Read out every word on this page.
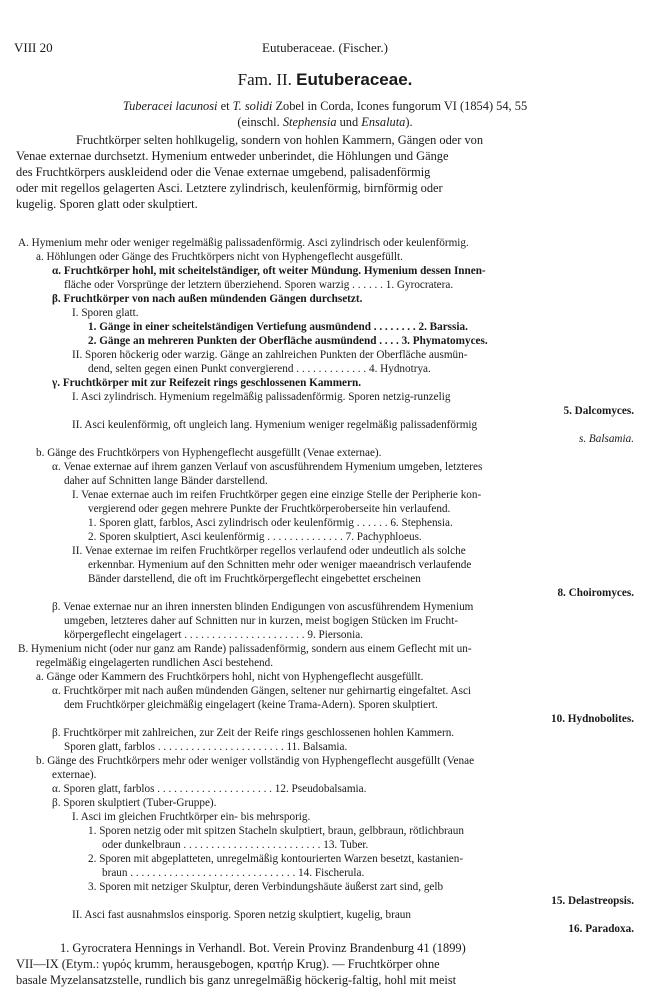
VIII 20	Eutuberaceae. (Fischer.)
Fam. II. Eutuberaceae.
Tuberacei lacunosi et T. solidi Zobel in Corda, Icones fungorum VI (1854) 54, 55
(einschl. Stephensia und Ensaluta).
Fruchtkörper selten hohlkugelig, sondern von hohlen Kammern, Gängen oder von
Venae externae durchsetzt. Hymenium entweder unberindet, die Höhlungen und Gänge
des Fruchtkörpers auskleidend oder die Venae externae umgebend, palisadenförmig
oder mit regellos gelagerten Asci. Letztere zylindrisch, keulenförmig, birnförmig oder
kugelig. Sporen glatt oder skulptiert.
A. Hymenium mehr oder weniger regelmäßig palissadenförmig. Asci zylindrisch oder keulenförmig.
a. Höhlungen oder Gänge des Fruchtkörpers nicht von Hyphengeflecht ausgefüllt.
α. Fruchtkörper hohl, mit scheitelständiger, oft weiter Mündung. Hymenium dessen Innen-
fläche oder Vorsprünge der letztern überziehend. Sporen warzig . . . . . . 1. Gyrocratera.
β. Fruchtkörper von nach außen mündenden Gängen durchsetzt.
I. Sporen glatt.
1. Gänge in einer scheitelständigen Vertiefung ausmündend . . . . . . . . 2. Barssia.
2. Gänge an mehreren Punkten der Oberfläche ausmündend . . . . 3. Phymatomyces.
II. Sporen höckerig oder warzig. Gänge an zahlreichen Punkten der Oberfläche ausmün-
dend, selten gegen einen Punkt convergierend . . . . . . . . . . . . . 4. Hydnotrya.
γ. Fruchtkörper mit zur Reifezeit rings geschlossenen Kammern.
I. Asci zylindrisch. Hymenium regelmäßig palissadenförmig. Sporen netzig-runzelig
5. Dalcomyces.
II. Asci keulenförmig, oft ungleich lang. Hymenium weniger regelmäßig palissadenförmig
s. Balsamia.
b. Gänge des Fruchtkörpers von Hyphengeflecht ausgefüllt (Venae externae).
α. Venae externae auf ihrem ganzen Verlauf von ascusführendem Hymenium umgeben, letzteres
daher auf Schnitten lange Bänder darstellend.
I. Venae externae auch im reifen Fruchtkörper gegen eine einzige Stelle der Peripherie kon-
vergierend oder gegen mehrere Punkte der Fruchtkörperoberseite hin verlaufend.
1. Sporen glatt, farblos, Asci zylindrisch oder keulenförmig . . . . . . 6. Stephensia.
2. Sporen skulptiert, Asci keulenförmig . . . . . . . . . . . . . . 7. Pachyphloeus.
II. Venae externae im reifen Fruchtkörper regellos verlaufend oder undeutlich als solche
erkennbar. Hymenium auf den Schnitten mehr oder weniger maeandrisch verlaufende
Bänder darstellend, die oft im Fruchtkörpergeflecht eingebettet erscheinen
8. Choiromyces.
β. Venae externae nur an ihren innersten blinden Endigungen von ascusführendem Hymenium
umgeben, letzteres daher auf Schnitten nur in kurzen, meist bogigen Stücken im Frucht-
körpergeflecht eingelagert . . . . . . . . . . . . . . . . . . . . . . 9. Piersonia.
B. Hymenium nicht (oder nur ganz am Rande) palissadenförmig, sondern aus einem Geflecht mit un-
regelmäßig eingelagerten rundlichen Asci bestehend.
a. Gänge oder Kammern des Fruchtkörpers hohl, nicht von Hyphengeflecht ausgefüllt.
α. Fruchtkörper mit nach außen mündenden Gängen, seltener nur gehirnartig eingefaltet. Asci
dem Fruchtkörper gleichmäßig eingelagert (keine Trama-Adern). Sporen skulptiert.
10. Hydnobolites.
β. Fruchtkörper mit zahlreichen, zur Zeit der Reife rings geschlossenen hohlen Kammern.
Sporen glatt, farblos . . . . . . . . . . . . . . . . . . . . . . . 11. Balsamia.
b. Gänge des Fruchtkörpers mehr oder weniger vollständig von Hyphengeflecht ausgefüllt (Venae
externae).
α. Sporen glatt, farblos . . . . . . . . . . . . . . . . . . . . . 12. Pseudobalsamia.
β. Sporen skulptiert (Tuber-Gruppe).
I. Asci im gleichen Fruchtkörper ein- bis mehrsporig.
1. Sporen netzig oder mit spitzen Stacheln skulptiert, braun, gelbbraun, rötlichbraun
oder dunkelbraun . . . . . . . . . . . . . . . . . . . . . . . . . 13. Tuber.
2. Sporen mit abgeplatteten, unregelmäßig kontourierten Warzen besetzt, kastanien-
braun . . . . . . . . . . . . . . . . . . . . . . . . . . . . . . 14. Fischerula.
3. Sporen mit netziger Skulptur, deren Verbindungshäute äußerst zart sind, gelb
15. Delastreopsis.
II. Asci fast ausnahmslos einsporig. Sporen netzig skulptiert, kugelig, braun
16. Paradoxa.
1. Gyrocratera Hennings in Verhandl. Bot. Verein Provinz Brandenburg 41 (1899)
VII—IX (Etym.: γυρός krumm, herausgebogen, κρατήρ Krug). — Fruchtkörper ohne
basale Myzelansatzstelle, rundlich bis ganz unregelmäßig höckerig-faltig, hohl mit meist
